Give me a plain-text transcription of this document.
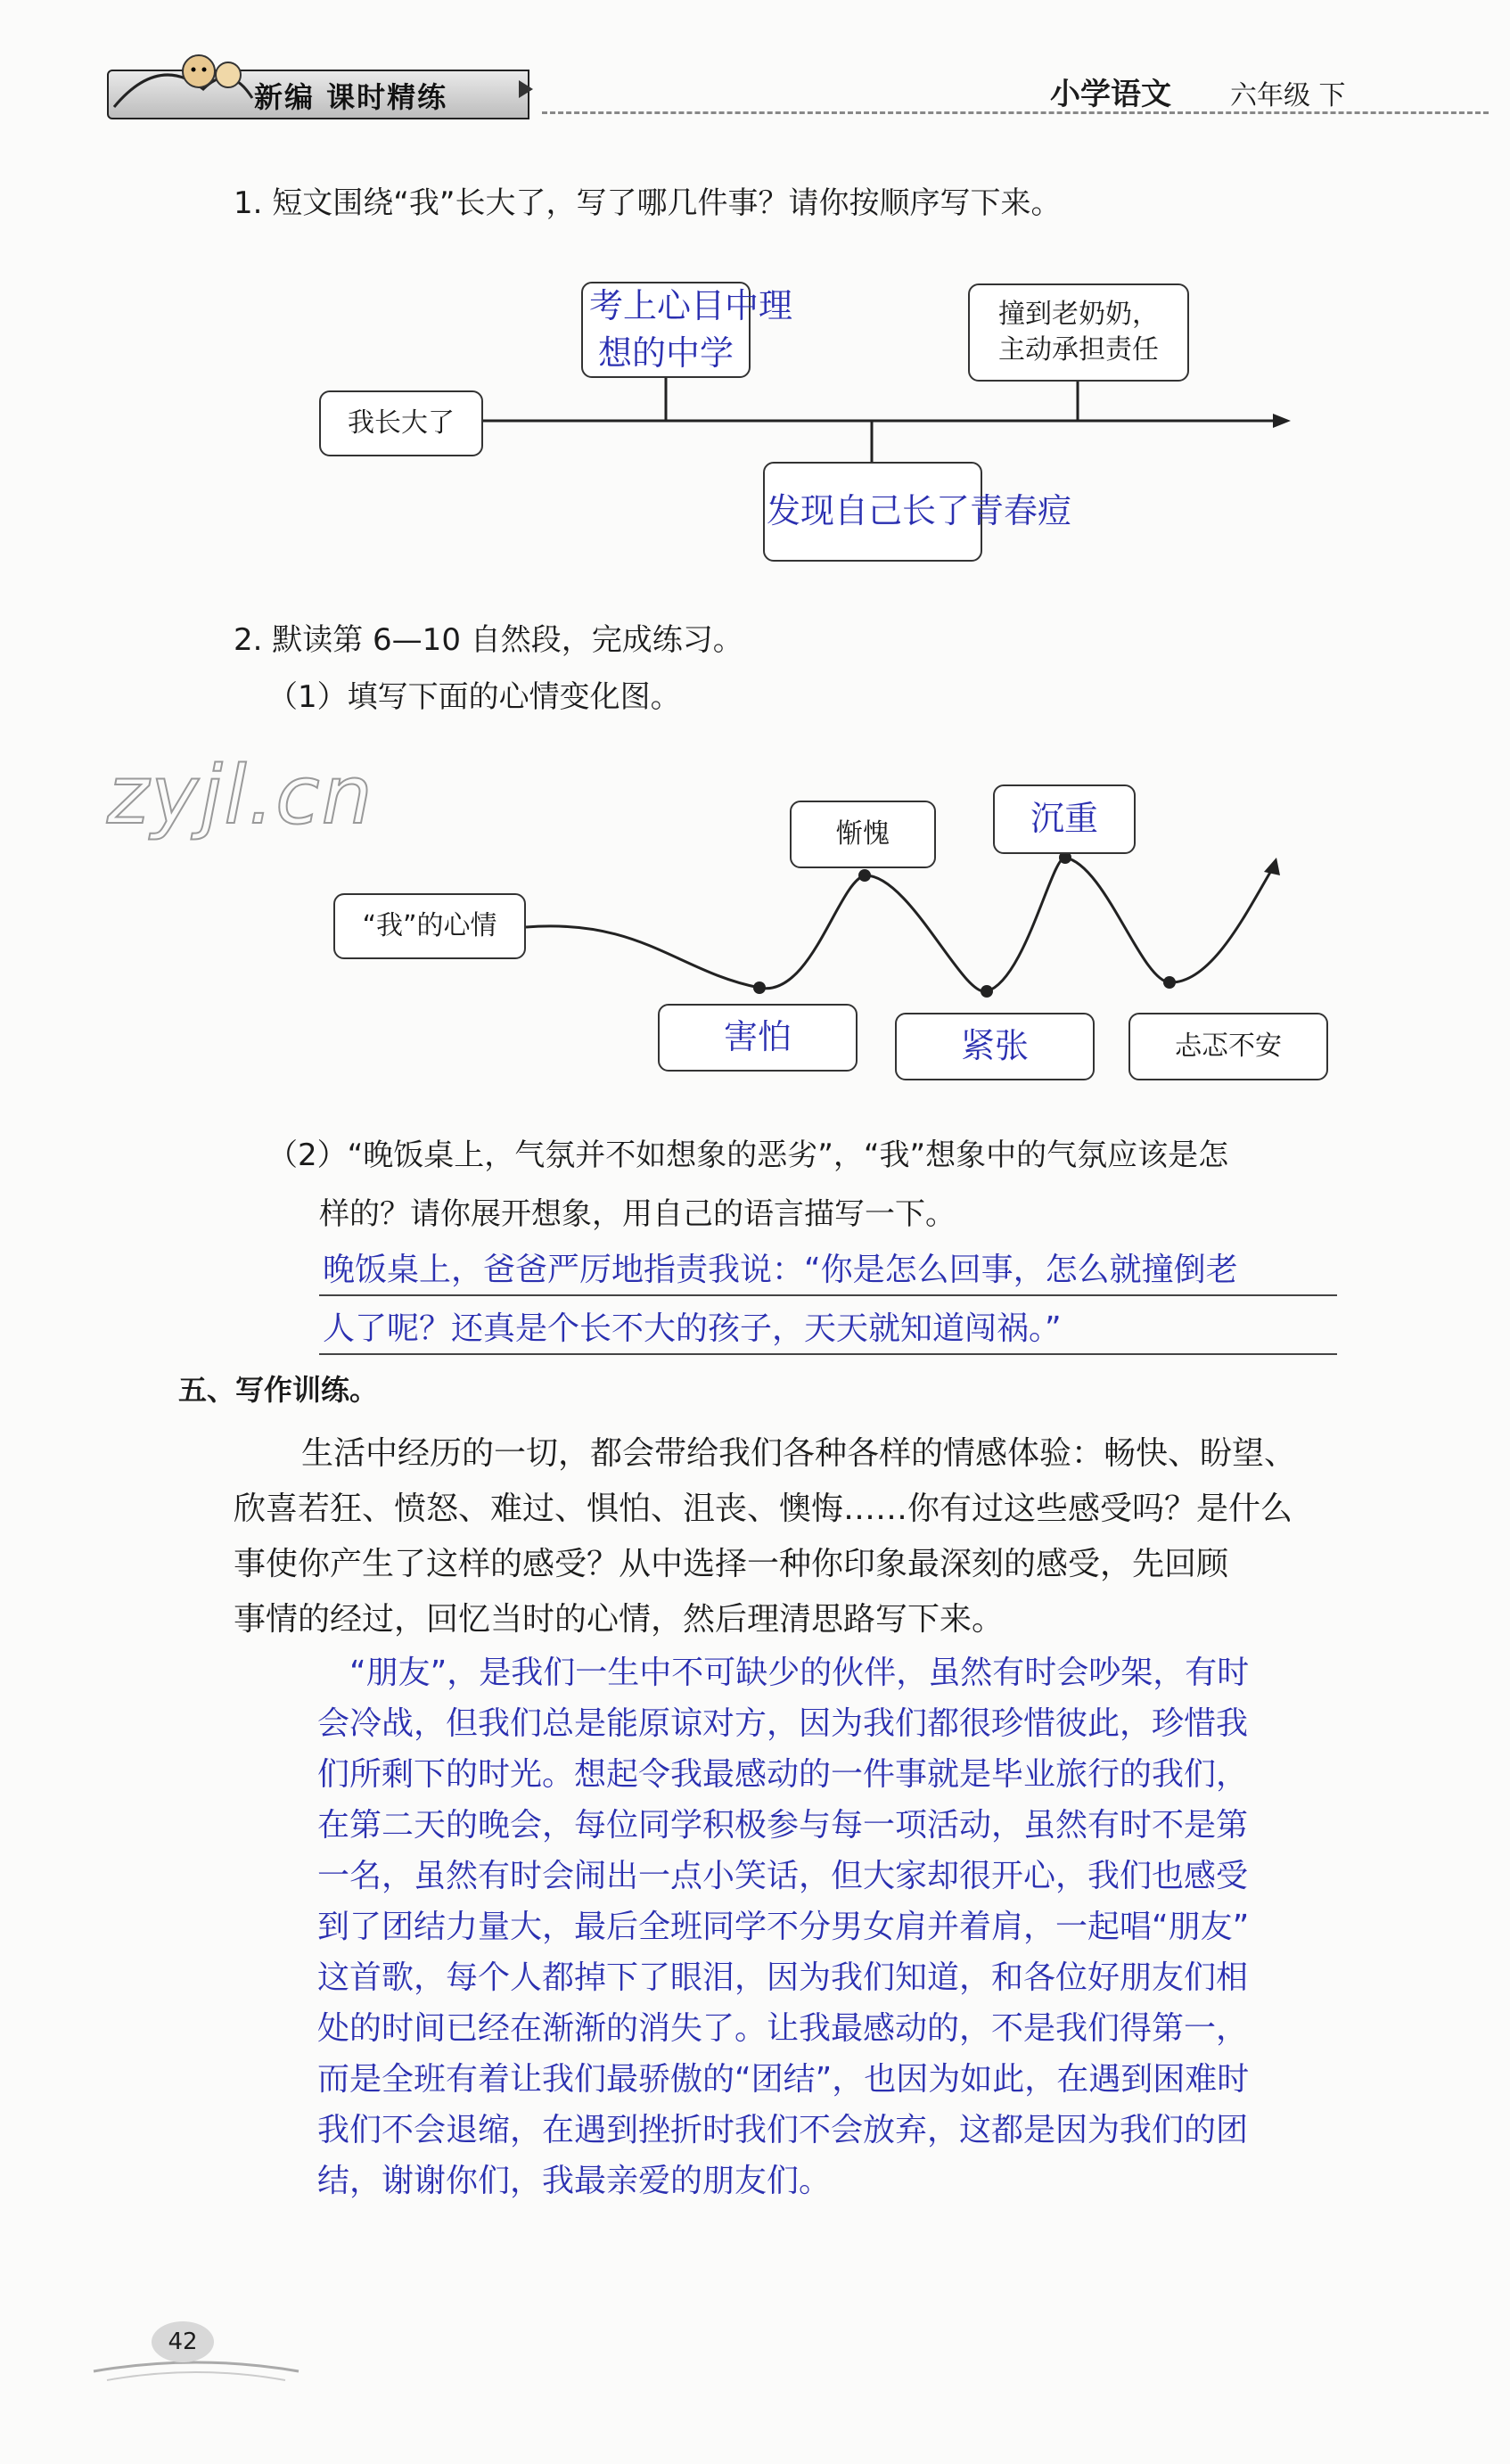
新编 课时精练	小学语文 六年级 下
1. 短文围绕“我”长大了，写了哪几件事？请你按顺序写下来。
我长大了
考上心目中理
想的中学
撞到老奶奶，
主动承担责任
发现自己长了青春痘
2. 默读第 6—10 自然段，完成练习。
（1）填写下面的心情变化图。
zyjl.cn
“我”的心情
惭愧	沉重
害怕	紧张	忐忑不安
（2）“晚饭桌上，气氛并不如想象的恶劣”，“我”想象中的气氛应该是怎
样的？请你展开想象，用自己的语言描写一下。
晚饭桌上，爸爸严厉地指责我说：“你是怎么回事，怎么就撞倒老
人了呢？还真是个长不大的孩子，天天就知道闯祸。”
五、写作训练。
生活中经历的一切，都会带给我们各种各样的情感体验：畅快、盼望、
欣喜若狂、愤怒、难过、惧怕、沮丧、懊悔……你有过这些感受吗？是什么
事使你产生了这样的感受？从中选择一种你印象最深刻的感受，先回顾
事情的经过，回忆当时的心情，然后理清思路写下来。
“朋友”，是我们一生中不可缺少的伙伴，虽然有时会吵架，有时
会冷战，但我们总是能原谅对方，因为我们都很珍惜彼此，珍惜我
们所剩下的时光。想起令我最感动的一件事就是毕业旅行的我们，
在第二天的晚会，每位同学积极参与每一项活动，虽然有时不是第
一名，虽然有时会闹出一点小笑话，但大家却很开心，我们也感受
到了团结力量大，最后全班同学不分男女肩并着肩，一起唱“朋友”
这首歌，每个人都掉下了眼泪，因为我们知道，和各位好朋友们相
处的时间已经在渐渐的消失了。让我最感动的，不是我们得第一，
而是全班有着让我们最骄傲的“团结”，也因为如此，在遇到困难时
我们不会退缩，在遇到挫折时我们不会放弃，这都是因为我们的团
结，谢谢你们，我最亲爱的朋友们。
42
